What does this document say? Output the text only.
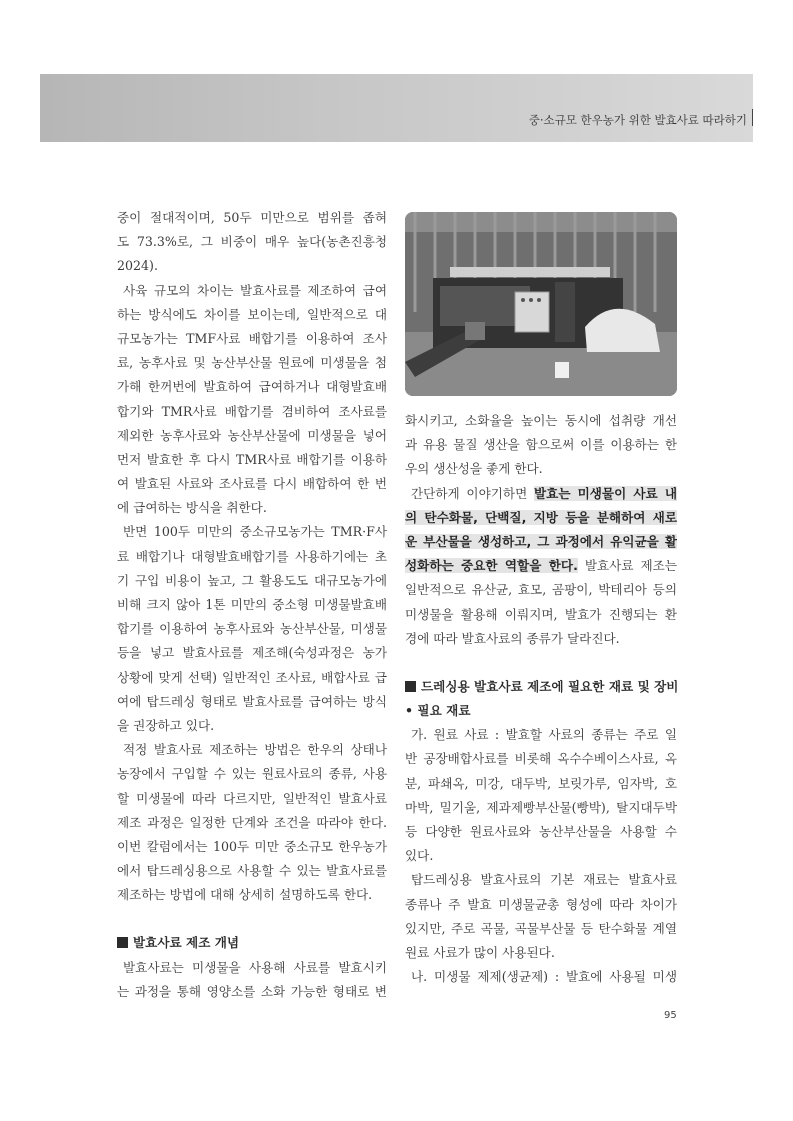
중·소규모 한우농가 위한 발효사료 따라하기
중이 절대적이며, 50두 미만으로 범위를 좁혀
도 73.3%로, 그 비중이 매우 높다(농촌진흥청
2024).
사육 규모의 차이는 발효사료를 제조하여 급여
하는 방식에도 차이를 보이는데, 일반적으로 대
규모농가는 TMF사료 배합기를 이용하여 조사
료, 농후사료 및 농산부산물 원료에 미생물을 첨
가해 한꺼번에 발효하여 급여하거나 대형발효배
합기와 TMR사료 배합기를 겸비하여 조사료를
제외한 농후사료와 농산부산물에 미생물을 넣어
먼저 발효한 후 다시 TMR사료 배합기를 이용하
여 발효된 사료와 조사료를 다시 배합하여 한 번
에 급여하는 방식을 취한다.
반면 100두 미만의 중소규모농가는 TMR·F사
료 배합기나 대형발효배합기를 사용하기에는 초
기 구입 비용이 높고, 그 활용도도 대규모농가에
비해 크지 않아 1톤 미만의 중소형 미생물발효배
합기를 이용하여 농후사료와 농산부산물, 미생물
등을 넣고 발효사료를 제조해(숙성과정은 농가
상황에 맞게 선택) 일반적인 조사료, 배합사료 급
여에 탑드레싱 형태로 발효사료를 급여하는 방식
을 권장하고 있다.
적정 발효사료 제조하는 방법은 한우의 상태나
농장에서 구입할 수 있는 원료사료의 종류, 사용
할 미생물에 따라 다르지만, 일반적인 발효사료
제조 과정은 일정한 단계와 조건을 따라야 한다.
이번 칼럼에서는 100두 미만 중소규모 한우농가
에서 탑드레싱용으로 사용할 수 있는 발효사료를
제조하는 방법에 대해 상세히 설명하도록 한다.
발효사료 제조 개념
발효사료는 미생물을 사용해 사료를 발효시키
는 과정을 통해 영양소를 소화 가능한 형태로 변
화시키고, 소화율을 높이는 동시에 섭취량 개선
과 유용 물질 생산을 함으로써 이를 이용하는 한
우의 생산성을 좋게 한다.
간단하게 이야기하면 발효는 미생물이 사료 내
의 탄수화물, 단백질, 지방 등을 분해하여 새로
운 부산물을 생성하고, 그 과정에서 유익균을 활
성화하는 중요한 역할을 한다. 발효사료 제조는
일반적으로 유산균, 효모, 곰팡이, 박테리아 등의
미생물을 활용해 이뤄지며, 발효가 진행되는 환
경에 따라 발효사료의 종류가 달라진다.
드레싱용 발효사료 제조에 필요한 재료 및 장비
• 필요 재료
가. 원료 사료 : 발효할 사료의 종류는 주로 일
반 공장배합사료를 비롯해 옥수수베이스사료, 옥
분, 파쇄옥, 미강, 대두박, 보릿가루, 임자박, 호
마박, 밀기울, 제과제빵부산물(빵박), 탈지대두박
등 다양한 원료사료와 농산부산물을 사용할 수
있다.
탑드레싱용 발효사료의 기본 재료는 발효사료
종류나 주 발효 미생물균총 형성에 따라 차이가
있지만, 주로 곡물, 곡물부산물 등 탄수화물 계열
원료 사료가 많이 사용된다.
나. 미생물 제제(생균제) : 발효에 사용될 미생
95
